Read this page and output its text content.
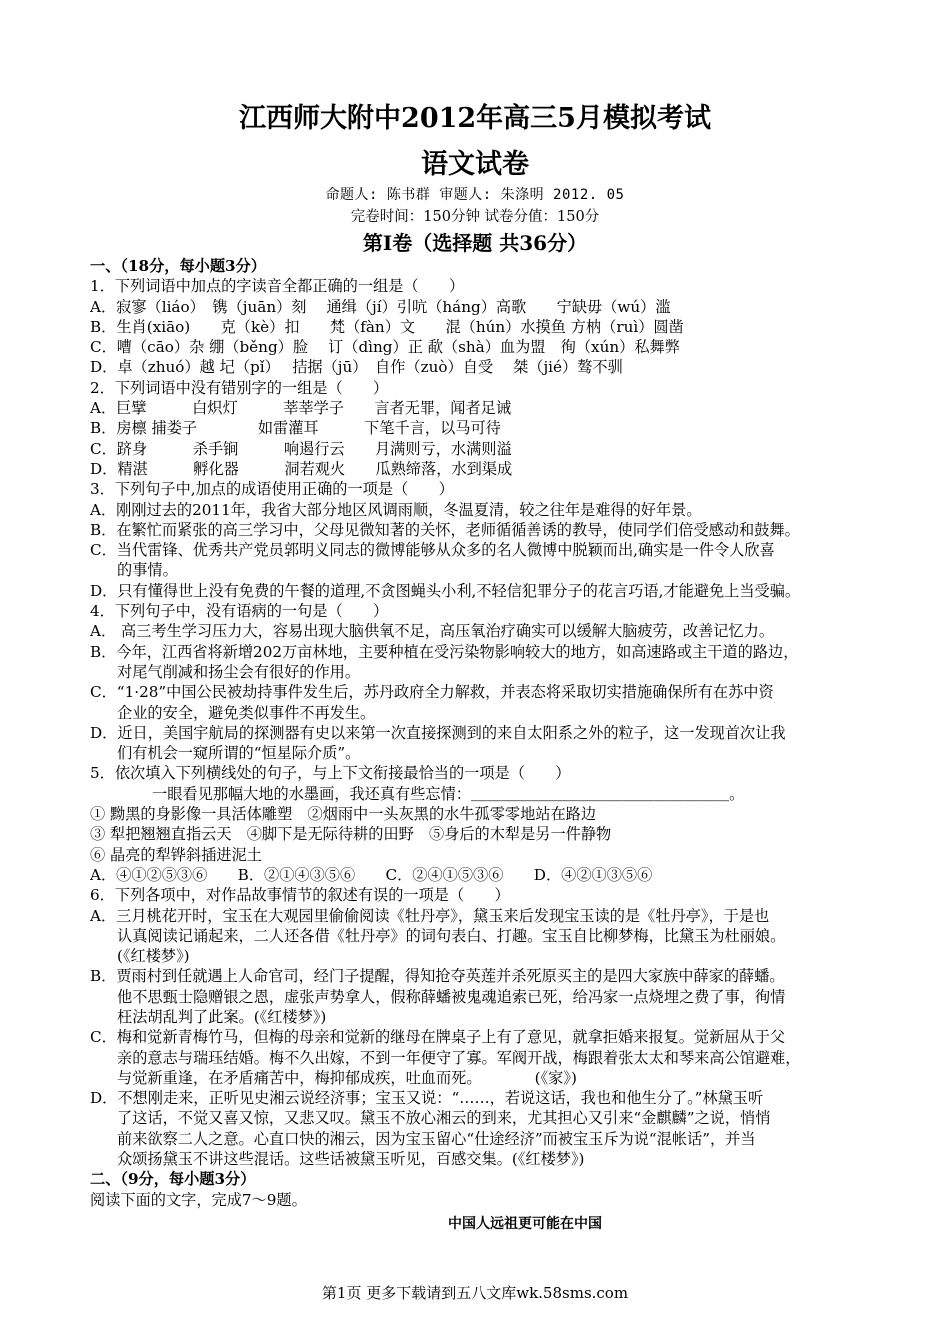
江西师大附中2012年高三5月模拟考试
语文试卷
命题人: 陈书群 审题人: 朱涤明 2012. 05
完卷时间：150分钟 试卷分值：150分
第Ⅰ卷（选择题 共36分）
一、（18分，每小题3分）
1．下列词语中加点的字读音全都正确的一组是（　　）
A．寂寥（liáo）　镌（juān）刻　 通缉（jí）引吭（háng）高歌　　宁缺毋（wú）滥
B．生肖(xiāo)　　克（kè）扣　　梵（fàn）文　　混（hún）水摸鱼 方枘（ruì）圆凿
C．嘈（cāo）杂 绷（běng）脸　 订（dìng）正 歃（shà）血为盟　徇（xún）私舞弊
D．卓（zhuó）越 圮（pǐ）　 拮据（jū）　自作（zuò）自受　 桀（jié）骜不驯
2．下列词语中没有错别字的一组是（　　）
A．巨擘　　　白炽灯　　　莘莘学子　　言者无罪，闻者足诫
B．房檩 捕娄子　　　　如雷灌耳　　　下笔千言，以马可待
C．跻身　　　杀手锏　　　响遏行云　　月满则亏，水满则溢
D．精湛　　　孵化器　　　洞若观火　　瓜熟缔落，水到渠成
3．下列句子中,加点的成语使用正确的一项是（　　）
A．刚刚过去的2011年，我省大部分地区风调雨顺，冬温夏清，较之往年是难得的好年景。
B．在繁忙而紧张的高三学习中，父母见微知著的关怀，老师循循善诱的教导，使同学们倍受感动和鼓舞。
C．当代雷锋、优秀共产党员郭明义同志的微博能够从众多的名人微博中脱颖而出,确实是一件令人欣喜
的事情。
D．只有懂得世上没有免费的午餐的道理,不贪图蝇头小利,不轻信犯罪分子的花言巧语,才能避免上当受骗。
4．下列句子中，没有语病的一句是（　　）
A． 高三考生学习压力大，容易出现大脑供氧不足，高压氧治疗确实可以缓解大脑疲劳，改善记忆力。
B．今年，江西省将新增202万亩林地，主要种植在受污染物影响较大的地方，如高速路或主干道的路边，
对尾气削减和扬尘会有很好的作用。
C．“1·28”中国公民被劫持事件发生后，苏丹政府全力解救，并表态将采取切实措施确保所有在苏中资
企业的安全，避免类似事件不再发生。
D．近日，美国宇航局的探测器有史以来第一次直接探测到的来自太阳系之外的粒子，这一发现首次让我
们有机会一窥所谓的“恒星际介质”。
5．依次填入下列横线处的句子，与上下文衔接最恰当的一项是（　　）
一眼看见那幅大地的水墨画，我还真有些忘情：＿＿＿＿＿＿＿＿＿＿＿＿＿＿＿＿＿。
① 黝黑的身影像一具活体雕塑　②烟雨中一头灰黑的水牛孤零零地站在路边
③ 犁把翘翘直指云天　④脚下是无际待耕的田野　⑤身后的木犁是另一件静物
⑥ 晶亮的犁铧斜插进泥土
A．④①②⑤③⑥　　B．②①④③⑤⑥　　C．②④①⑤③⑥　　D．④②①③⑤⑥
6．下列各项中，对作品故事情节的叙述有误的一项是（　　）
A．三月桃花开时，宝玉在大观园里偷偷阅读《牡丹亭》，黛玉来后发现宝玉读的是《牡丹亭》，于是也
认真阅读记诵起来，二人还各借《牡丹亭》的词句表白、打趣。宝玉自比柳梦梅，比黛玉为杜丽娘。
(《红楼梦》)
B．贾雨村到任就遇上人命官司，经门子提醒，得知抢夺英莲并杀死原买主的是四大家族中薛家的薛蟠。
他不思甄士隐赠银之恩，虚张声势拿人，假称薛蟠被鬼魂追索已死，给冯家一点烧埋之费了事，徇情
枉法胡乱判了此案。(《红楼梦》)
C．梅和觉新青梅竹马，但梅的母亲和觉新的继母在牌桌子上有了意见，就拿拒婚来报复。觉新屈从于父
亲的意志与瑞珏结婚。梅不久出嫁，不到一年便守了寡。军阀开战，梅跟着张太太和琴来高公馆避难，
与觉新重逢，在矛盾痛苦中，梅抑郁成疾，吐血而死。　　　　(《家》)
D．不想刚走来，正听见史湘云说经济事；宝玉又说：“……，若说这话，我也和他生分了。”林黛玉听
了这话，不觉又喜又惊，又悲又叹。黛玉不放心湘云的到来，尤其担心又引来“金麒麟”之说，悄悄
前来欲察二人之意。心直口快的湘云，因为宝玉留心“仕途经济”而被宝玉斥为说“混帐话”，并当
众颂扬黛玉不讲这些混话。这些话被黛玉听见，百感交集。(《红楼梦》)
二、（9分，每小题3分）
阅读下面的文字，完成7～9题。
中国人远祖更可能在中国
第1页 更多下载请到五八文库wk.58sms.com
